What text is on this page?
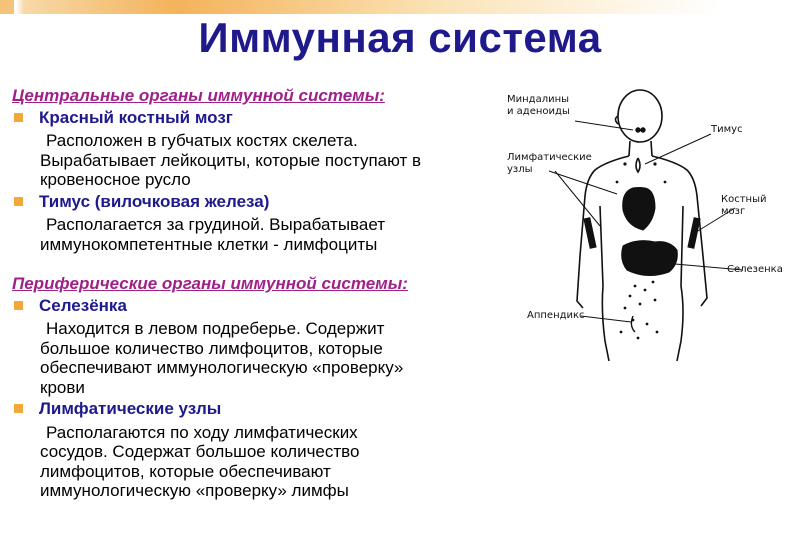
Иммунная система
Центральные органы иммунной системы:
Красный костный мозг
Расположен в губчатых костях скелета.
Вырабатывает лейкоциты, которые поступают в
кровеносное русло
Тимус (вилочковая железа)
Располагается за грудиной. Вырабатывает
иммунокомпетентные клетки - лимфоциты
Периферические органы иммунной системы:
Селезёнка
Находится в левом подреберье. Содержит
большое количество лимфоцитов, которые
обеспечивают иммунологическую «проверку»
крови
Лимфатические узлы
Располагаются по ходу лимфатических
сосудов. Содержат большое количество
лимфоцитов, которые обеспечивают
иммунологическую «проверку» лимфы
Миндалины
и аденоиды
Тимус
Лимфатические
узлы
Костный
мозг
Селезенка
Аппендикс
